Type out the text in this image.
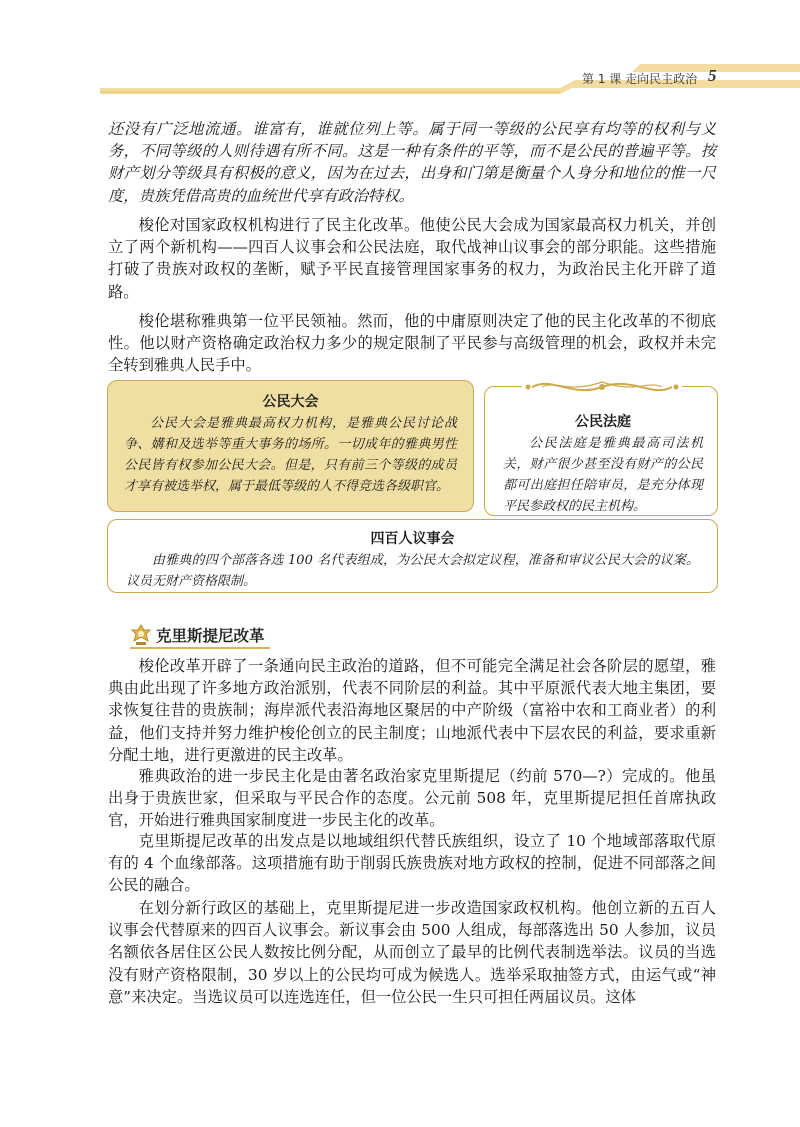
第 1 课 走向民主政治 5

还没有广泛地流通。谁富有，谁就位列上等。属于同一等级的公民享有均等的权利与义务，不同等级的人则待遇有所不同。这是一种有条件的平等，而不是公民的普遍平等。按财产划分等级具有积极的意义，因为在过去，出身和门第是衡量个人身分和地位的惟一尺度，贵族凭借高贵的血统世代享有政治特权。

梭伦对国家政权机构进行了民主化改革。他使公民大会成为国家最高权力机关，并创立了两个新机构——四百人议事会和公民法庭，取代战神山议事会的部分职能。这些措施打破了贵族对政权的垄断，赋予平民直接管理国家事务的权力，为政治民主化开辟了道路。

梭伦堪称雅典第一位平民领袖。然而，他的中庸原则决定了他的民主化改革的不彻底性。他以财产资格确定政治权力多少的规定限制了平民参与高级管理的机会，政权并未完全转到雅典人民手中。

公民大会

公民大会是雅典最高权力机构，是雅典公民讨论战争、媾和及选举等重大事务的场所。一切成年的雅典男性公民皆有权参加公民大会。但是，只有前三个等级的成员才享有被选举权，属于最低等级的人不得竞选各级职官。

公民法庭

公民法庭是雅典最高司法机关，财产很少甚至没有财产的公民都可出庭担任陪审员，是充分体现平民参政权的民主机构。

四百人议事会

由雅典的四个部落各选 100 名代表组成，为公民大会拟定议程，准备和审议公民大会的议案。议员无财产资格限制。

克里斯提尼改革

梭伦改革开辟了一条通向民主政治的道路，但不可能完全满足社会各阶层的愿望，雅典由此出现了许多地方政治派别，代表不同阶层的利益。其中平原派代表大地主集团，要求恢复往昔的贵族制；海岸派代表沿海地区聚居的中产阶级（富裕中农和工商业者）的利益，他们支持并努力维护梭伦创立的民主制度；山地派代表中下层农民的利益，要求重新分配土地，进行更激进的民主改革。

雅典政治的进一步民主化是由著名政治家克里斯提尼（约前 570—?）完成的。他虽出身于贵族世家，但采取与平民合作的态度。公元前 508 年，克里斯提尼担任首席执政官，开始进行雅典国家制度进一步民主化的改革。

克里斯提尼改革的出发点是以地域组织代替氏族组织，设立了 10 个地域部落取代原有的 4 个血缘部落。这项措施有助于削弱氏族贵族对地方政权的控制，促进不同部落之间公民的融合。

在划分新行政区的基础上，克里斯提尼进一步改造国家政权机构。他创立新的五百人议事会代替原来的四百人议事会。新议事会由 500 人组成，每部落选出 50 人参加，议员名额依各居住区公民人数按比例分配，从而创立了最早的比例代表制选举法。议员的当选没有财产资格限制，30 岁以上的公民均可成为候选人。选举采取抽签方式，由运气或“神意”来决定。当选议员可以连选连任，但一位公民一生只可担任两届议员。这体
